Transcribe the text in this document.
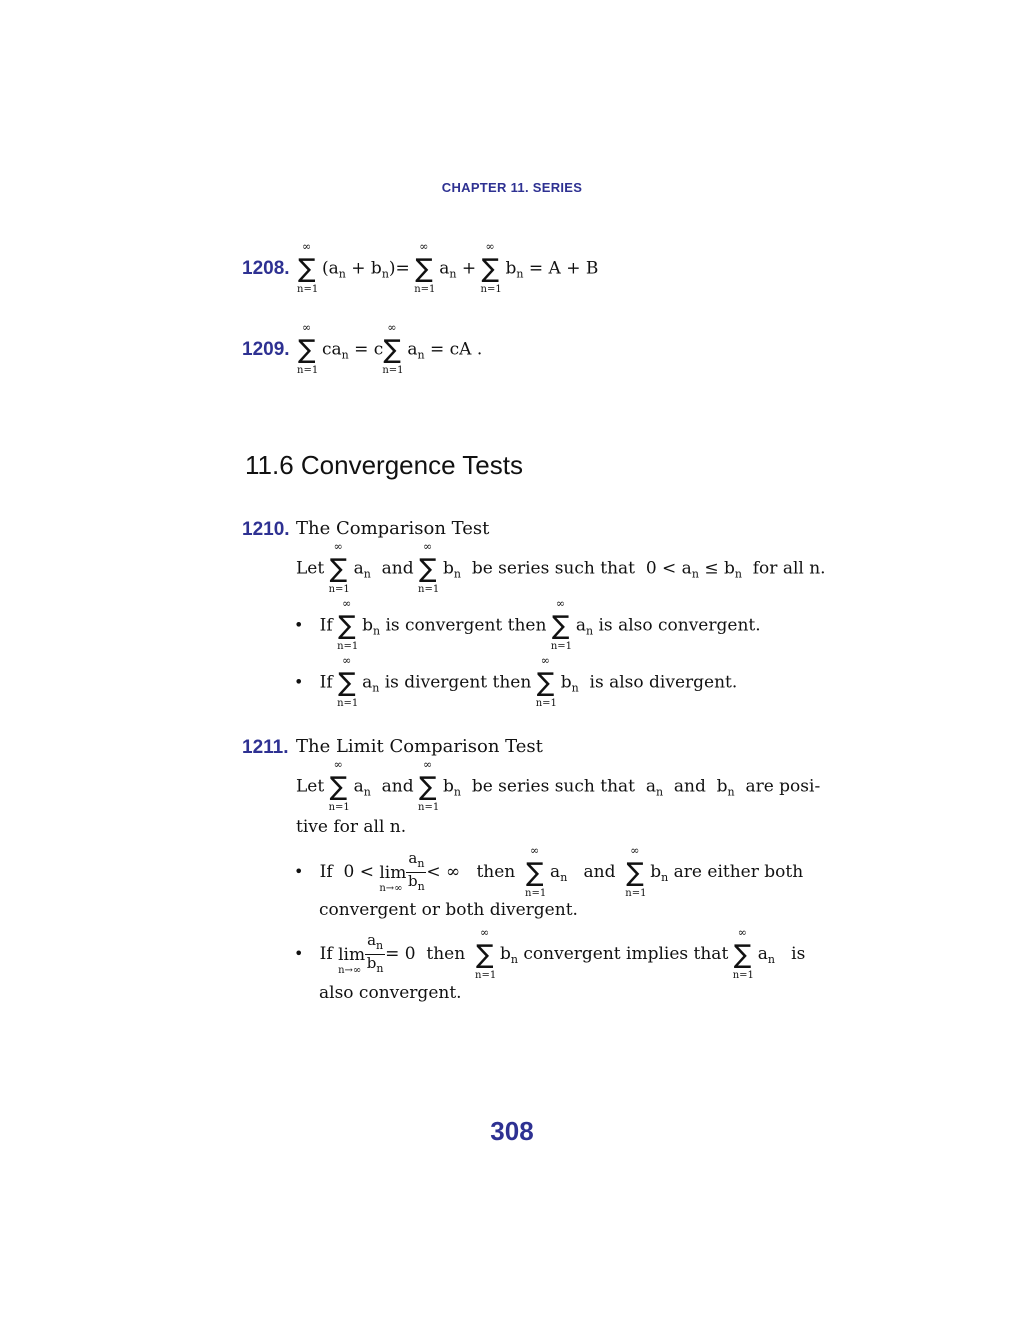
CHAPTER 11. SERIES
1208.
∞
∑
n=1
$(a_n + b_n)=$
∞
∑
n=1
$a_n$ +
∞
∑
n=1
$b_n = A + B$
1209.
∞
∑
n=1
$ca_n = c$
∞
∑
n=1
$a_n$ = cA .
11.6 Convergence Tests
1210. The Comparison Test
Let
∞
∑
n=1
$a_n$ and
∞
∑
n=1
$b_n$ be series such that $0 < a_n \le b_n$ for all n.
• If
∞
∑
n=1
$b_n$ is convergent then
∞
∑
n=1
$a_n$ is also convergent.
• If
∞
∑
n=1
$a_n$ is divergent then
∞
∑
n=1
$b_n$ is also divergent.
1211. The Limit Comparison Test
Let
∞
∑
n=1
$a_n$ and
∞
∑
n=1
$b_n$ be series such that $a_n$ and $b_n$ are posi-
tive for all n.
• If 0 < lim
$n\to\infty \frac{a_n}{b_n}$ < ∞ then
∞
∑
n=1
$a_n$ and
∞
∑
n=1
$b_n$ are either both
convergent or both divergent.
• If lim
$n\to\infty \frac{a_n}{b_n} = 0$ then
∞
∑
n=1
$b_n$ convergent implies that
∞
∑
n=1
$a_n$ is
also convergent.
308
